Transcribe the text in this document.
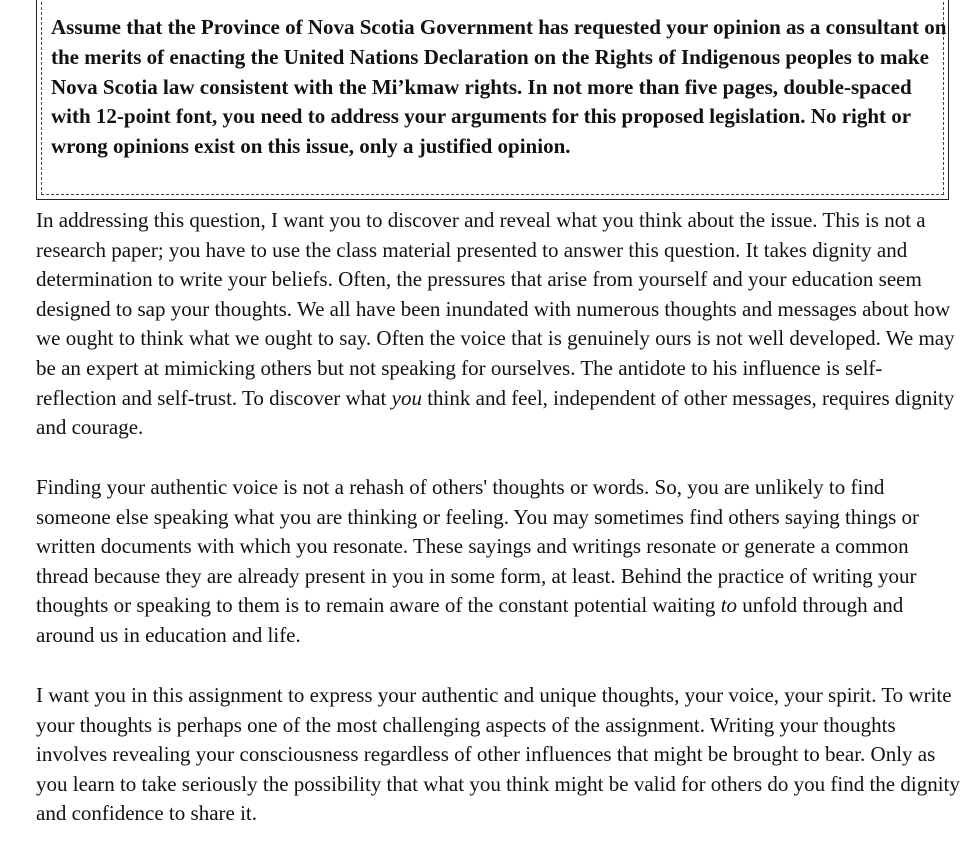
Assume that the Province of Nova Scotia Government has requested your opinion as a consultant on the merits of enacting the United Nations Declaration on the Rights of Indigenous peoples to make Nova Scotia law consistent with the Mi’kmaw rights. In not more than five pages, double-spaced with 12-point font, you need to address your arguments for this proposed legislation. No right or wrong opinions exist on this issue, only a justified opinion.

In addressing this question, I want you to discover and reveal what you think about the issue. This is not a research paper; you have to use the class material presented to answer this question. It takes dignity and determination to write your beliefs. Often, the pressures that arise from yourself and your education seem designed to sap your thoughts. We all have been inundated with numerous thoughts and messages about how we ought to think what we ought to say. Often the voice that is genuinely ours is not well developed. We may be an expert at mimicking others but not speaking for ourselves. The antidote to his influence is self-reflection and self-trust. To discover what you think and feel, independent of other messages, requires dignity and courage.

Finding your authentic voice is not a rehash of others' thoughts or words. So, you are unlikely to find someone else speaking what you are thinking or feeling. You may sometimes find others saying things or written documents with which you resonate. These sayings and writings resonate or generate a common thread because they are already present in you in some form, at least. Behind the practice of writing your thoughts or speaking to them is to remain aware of the constant potential waiting to unfold through and around us in education and life.

I want you in this assignment to express your authentic and unique thoughts, your voice, your spirit. To write your thoughts is perhaps one of the most challenging aspects of the assignment. Writing your thoughts involves revealing your consciousness regardless of other influences that might be brought to bear. Only as you learn to take seriously the possibility that what you think might be valid for others do you find the dignity and confidence to share it.
